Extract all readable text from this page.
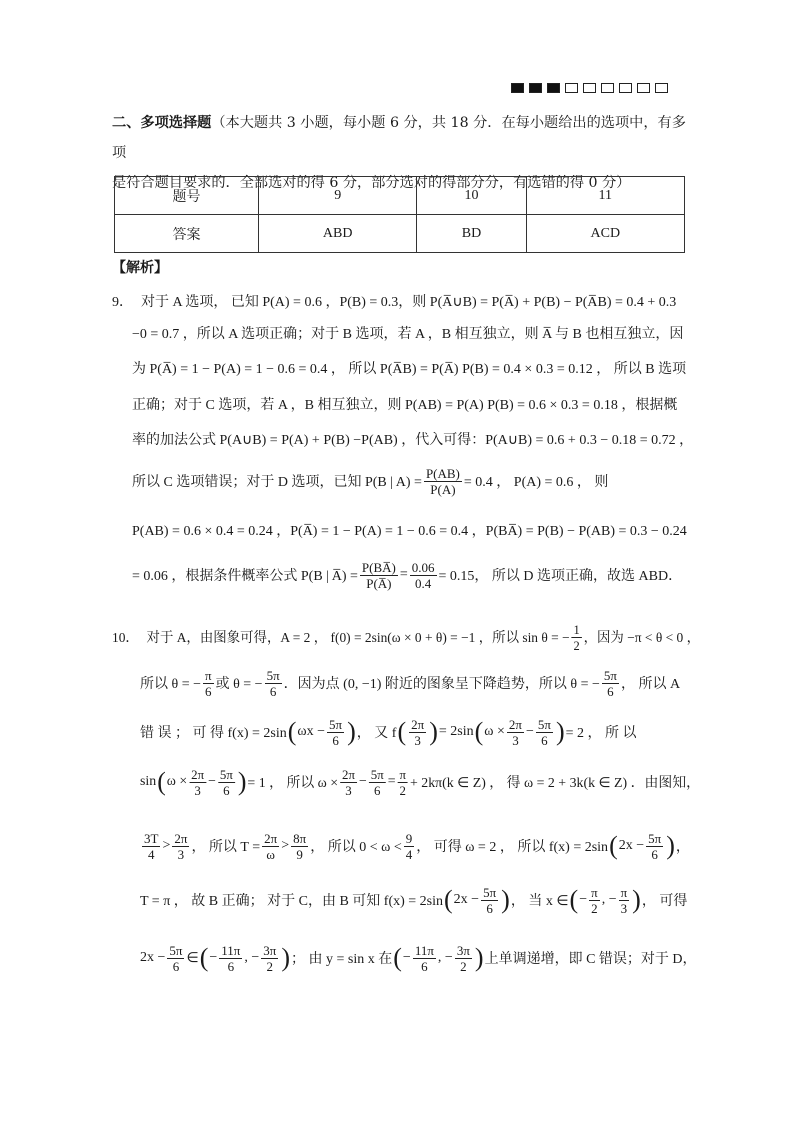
二、多项选择题（本大题共 3 小题，每小题 6 分，共 18 分．在每小题给出的选项中，有多项
是符合题目要求的．全部选对的得 6 分，部分选对的得部分分，有选错的得 0 分）
题号	9	10	11
答案	ABD	BD	ACD
【解析】
9． 对于 A 选项， 已知 P(A) = 0.6 ，P(B) = 0.3，则 P(A̅∪B) = P(A̅) + P(B) − P(A̅B) = 0.4 + 0.3
−0 = 0.7 ，所以 A 选项正确；对于 B 选项，若 A ，B 相互独立，则 A̅ 与 B 也相互独立，因
为 P(A̅) = 1 − P(A) = 1 − 0.6 = 0.4 ， 所以 P(A̅B) = P(A̅) P(B) = 0.4 × 0.3 = 0.12 ， 所以 B 选项
正确；对于 C 选项，若 A ，B 相互独立，则 P(AB) = P(A) P(B) = 0.6 × 0.3 = 0.18 ，根据概
率的加法公式 P(A∪B) = P(A) + P(B) −P(AB) ，代入可得：P(A∪B) = 0.6 + 0.3 − 0.18 = 0.72 ，
所以 C 选项错误；对于 D 选项，已知 P(B | $A) = \frac{P(AB)}{P(A)} = 0.4$ ， P(A) = 0.6 ， 则
P(AB) = 0.6 × 0.4 = 0.24 ，P(A̅) = 1 − P(A) = 1 − 0.6 = 0.4 ，P(BA̅) = P(B) − P(AB) = 0.3 − 0.24
= 0.06 ，根据条件概率公式 P(B | A̅) = $\frac{P(BA̅)}{P(A̅)} = \frac{0.06}{0.4} = 0.15$， 所以 D 选项正确，故选 ABD．
10． 对于 A，由图象可得，A = 2 ， f(0) = 2sin(ω × 0 + θ) = −1 ，所以 sin θ = − $\frac{1}{2}$ ，因为 −π < θ < 0 ，
所以 θ = − $\frac{\pi}{6}$ 或 θ = − $\frac{5\pi}{6}$ ．因为点 (0, −1) 附近的图象呈下降趋势，所以 θ = − $\frac{5\pi}{6}$ ， 所以 A
错 误 ； 可 得 f(x) = 2sin ( $\omega x - \frac{5\pi}{6}$ ) ， 又 f ( $\frac{2\pi}{3}$ ) = 2sin ( $\omega \times \frac{2\pi}{3} - \frac{5\pi}{6}$ ) = 2 ， 所 以
sin ( $\omega \times \frac{2\pi}{3} - \frac{5\pi}{6}$ ) = 1 ， 所以 $\omega \times \frac{2\pi}{3} - \frac{5\pi}{6} = \frac{\pi}{2} + 2k\pi(k$ ∈ Z) ， 得 ω = 2 + 3k(k ∈ Z) ．由图知，
$\frac{3T}{4} > \frac{2\pi}{3}$ ， 所以 $T = \frac{2\pi}{\omega} > \frac{8\pi}{9}$ ， 所以 $0 < \omega < \frac{9}{4}$ ， 可得 ω = 2 ， 所以 f(x) = 2sin ( $2x - \frac{5\pi}{6}$ ) ，
T = π ， 故 B 正确； 对于 C，由 B 可知 f(x) = 2sin ( $2x - \frac{5\pi}{6}$ ) ， 当 x ∈ ( − $\frac{\pi}{2}$ , − $\frac{\pi}{3}$ ) ， 可得
$2x - \frac{5\pi}{6}$ ∈ ( − $\frac{11\pi}{6}$ , − $\frac{3\pi}{2}$ ) ； 由 y = sin x 在 ( − $\frac{11\pi}{6}$ , − $\frac{3\pi}{2}$ ) 上单调递增，即 C 错误；对于 D，
